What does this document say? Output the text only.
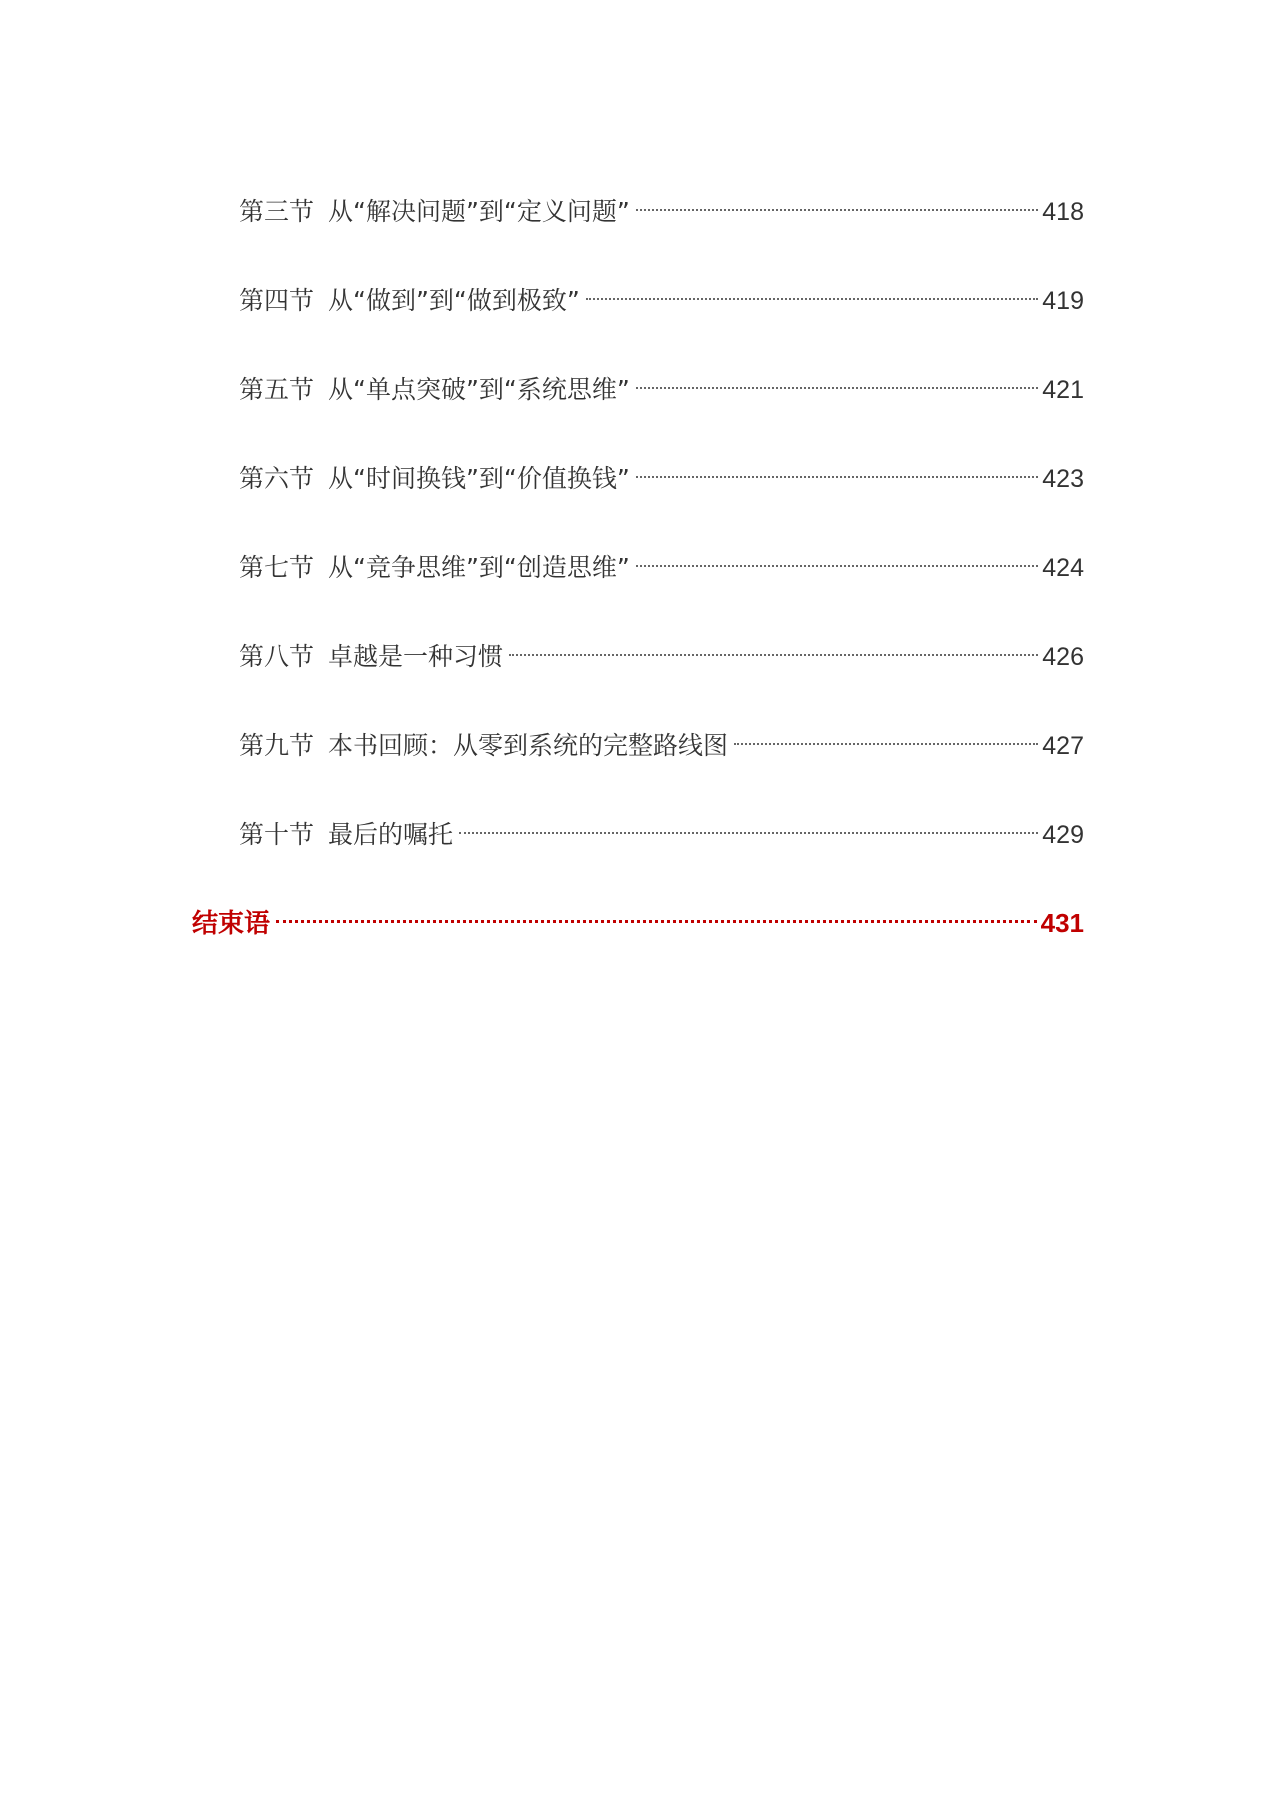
第三节 从“解决问题”到“定义问题”	418
第四节 从“做到”到“做到极致”	419
第五节 从“单点突破”到“系统思维”	421
第六节 从“时间换钱”到“价值换钱”	423
第七节 从“竞争思维”到“创造思维”	424
第八节 卓越是一种习惯	426
第九节 本书回顾：从零到系统的完整路线图	427
第十节 最后的嘱托	429
结束语	431
